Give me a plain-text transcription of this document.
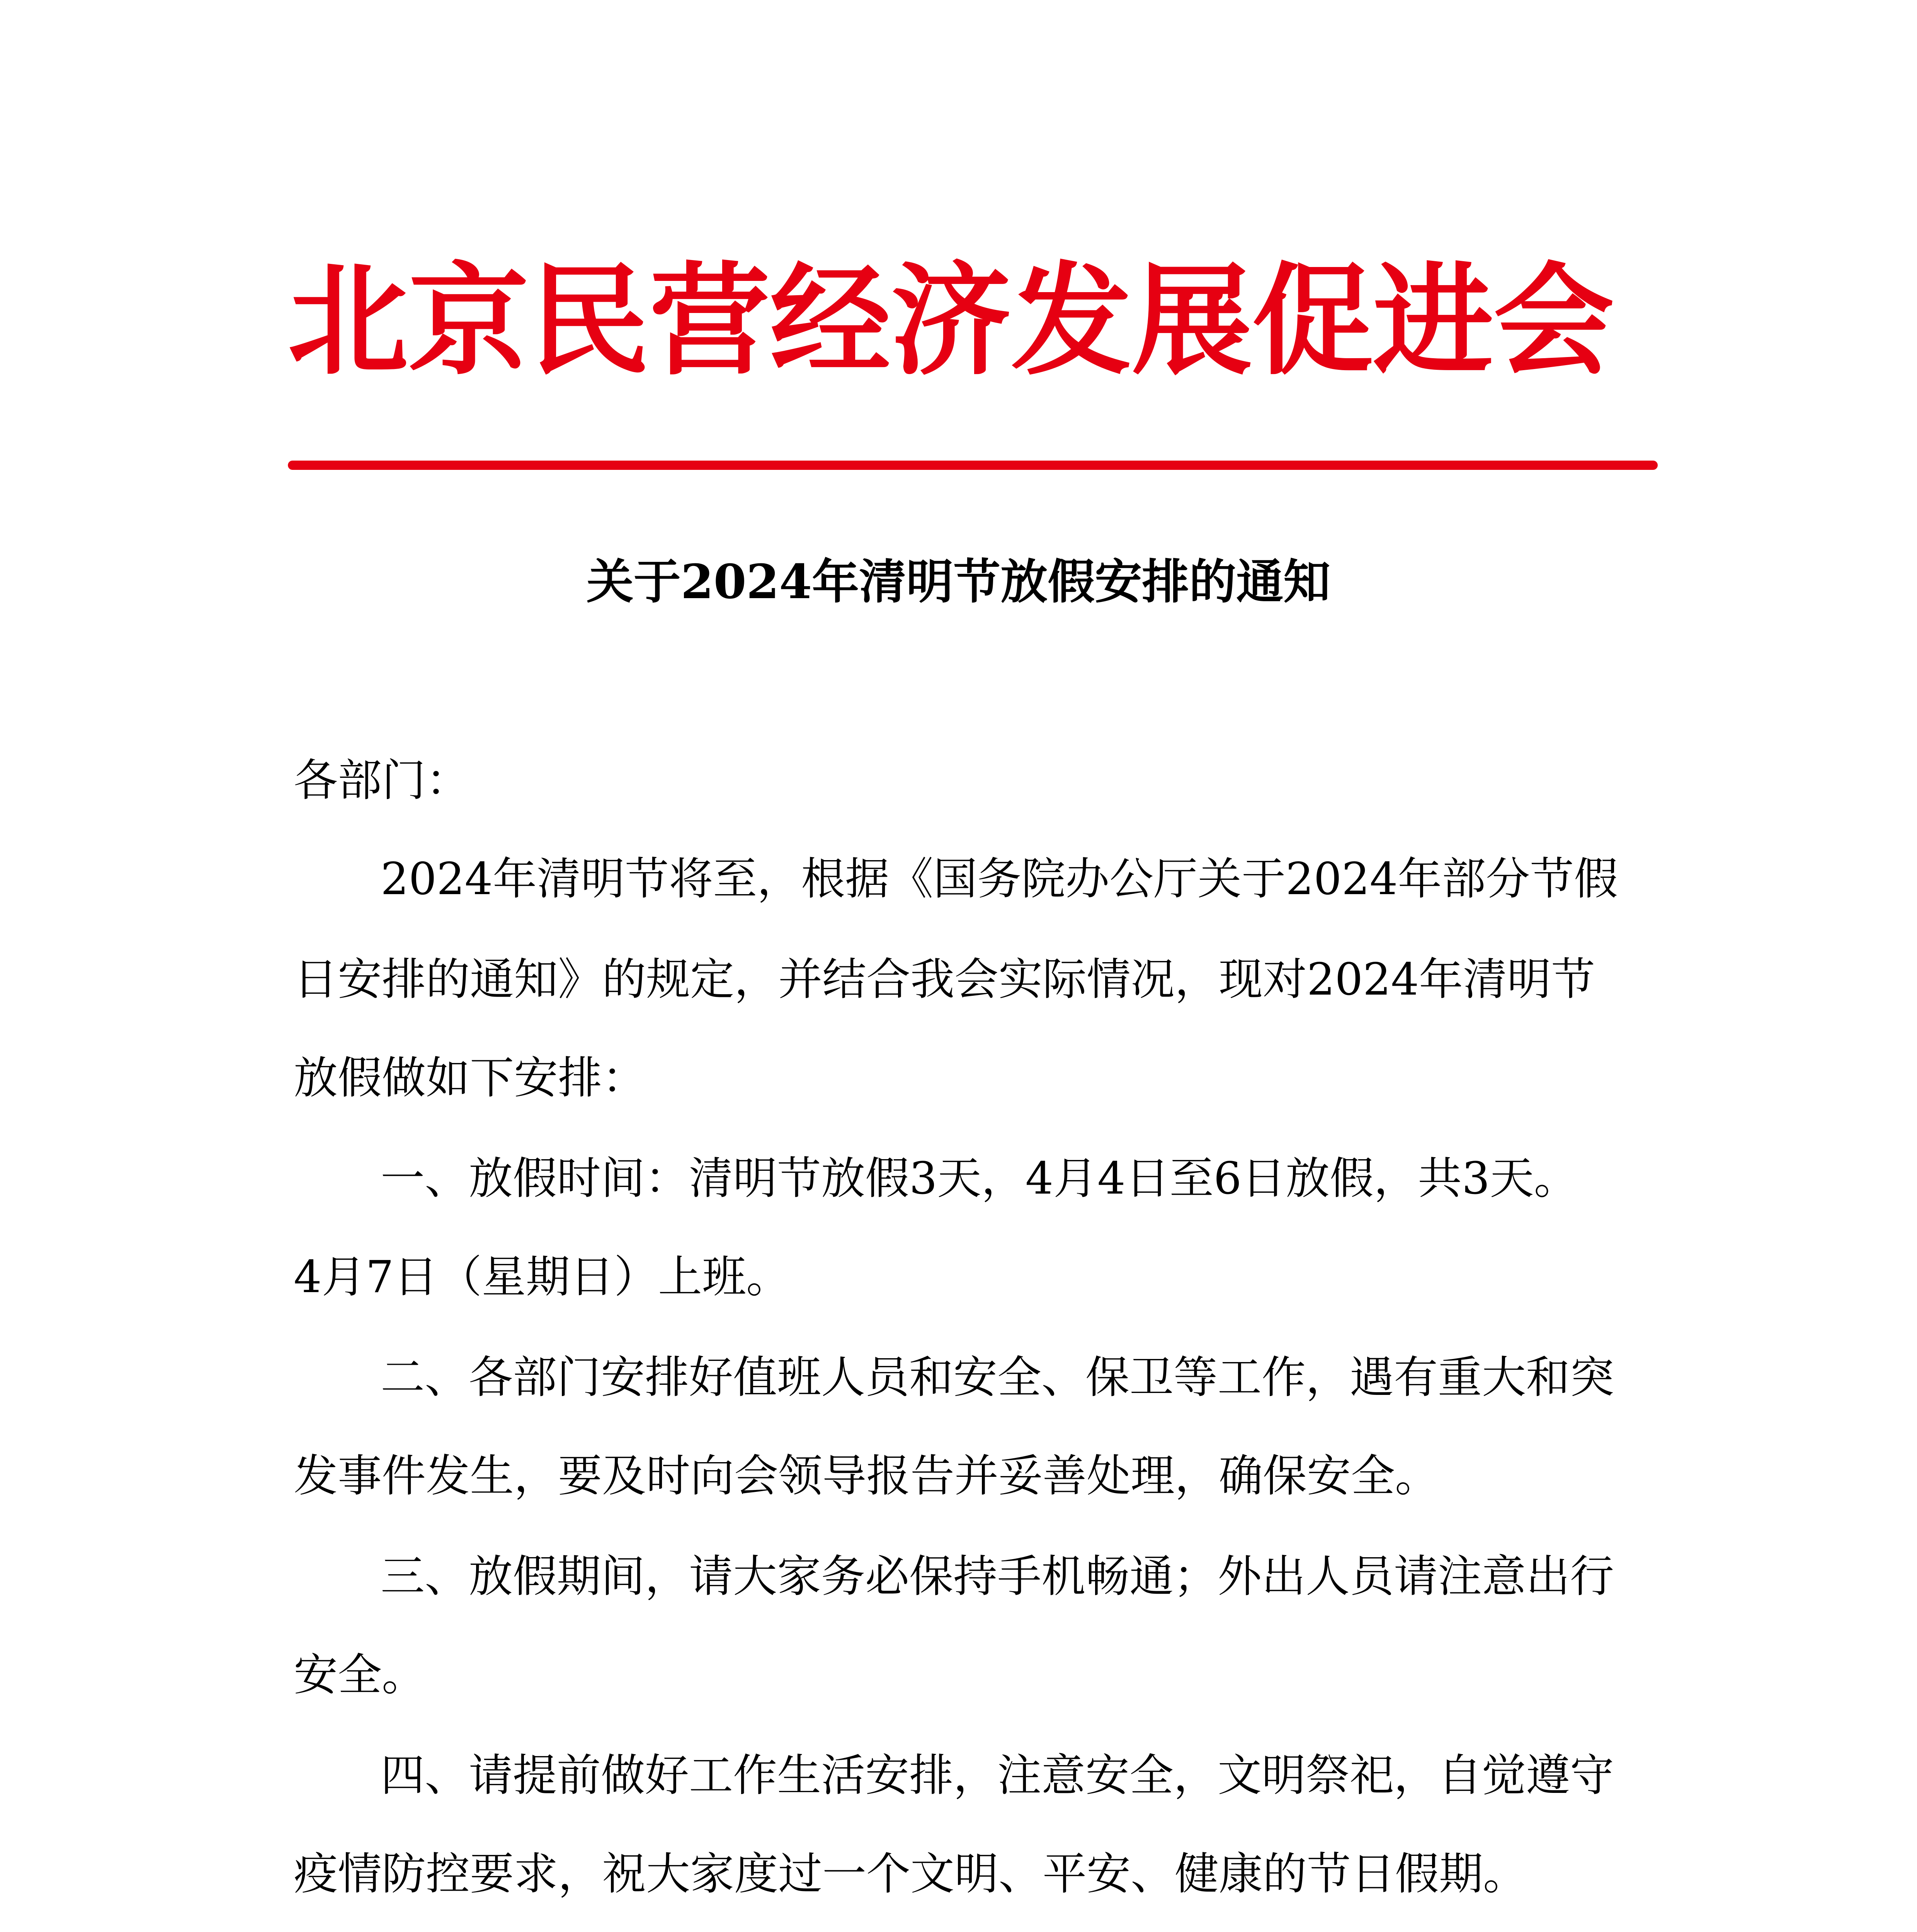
北京民营经济发展促进会
关于2024年清明节放假安排的通知

各部门：

2024年清明节将至，根据《国务院办公厅关于2024年部分节假

日安排的通知》的规定，并结合我会实际情况，现对2024年清明节

放假做如下安排：

一、放假时间：清明节放假3天，4月4日至6日放假，共3天。

4月7日（星期日）上班。

二、各部门安排好值班人员和安全、保卫等工作，遇有重大和突

发事件发生，要及时向会领导报告并妥善处理，确保安全。

三、放假期间，请大家务必保持手机畅通；外出人员请注意出行

安全。

四、请提前做好工作生活安排，注意安全，文明祭祀，自觉遵守

疫情防控要求，祝大家度过一个文明、平安、健康的节日假期。
